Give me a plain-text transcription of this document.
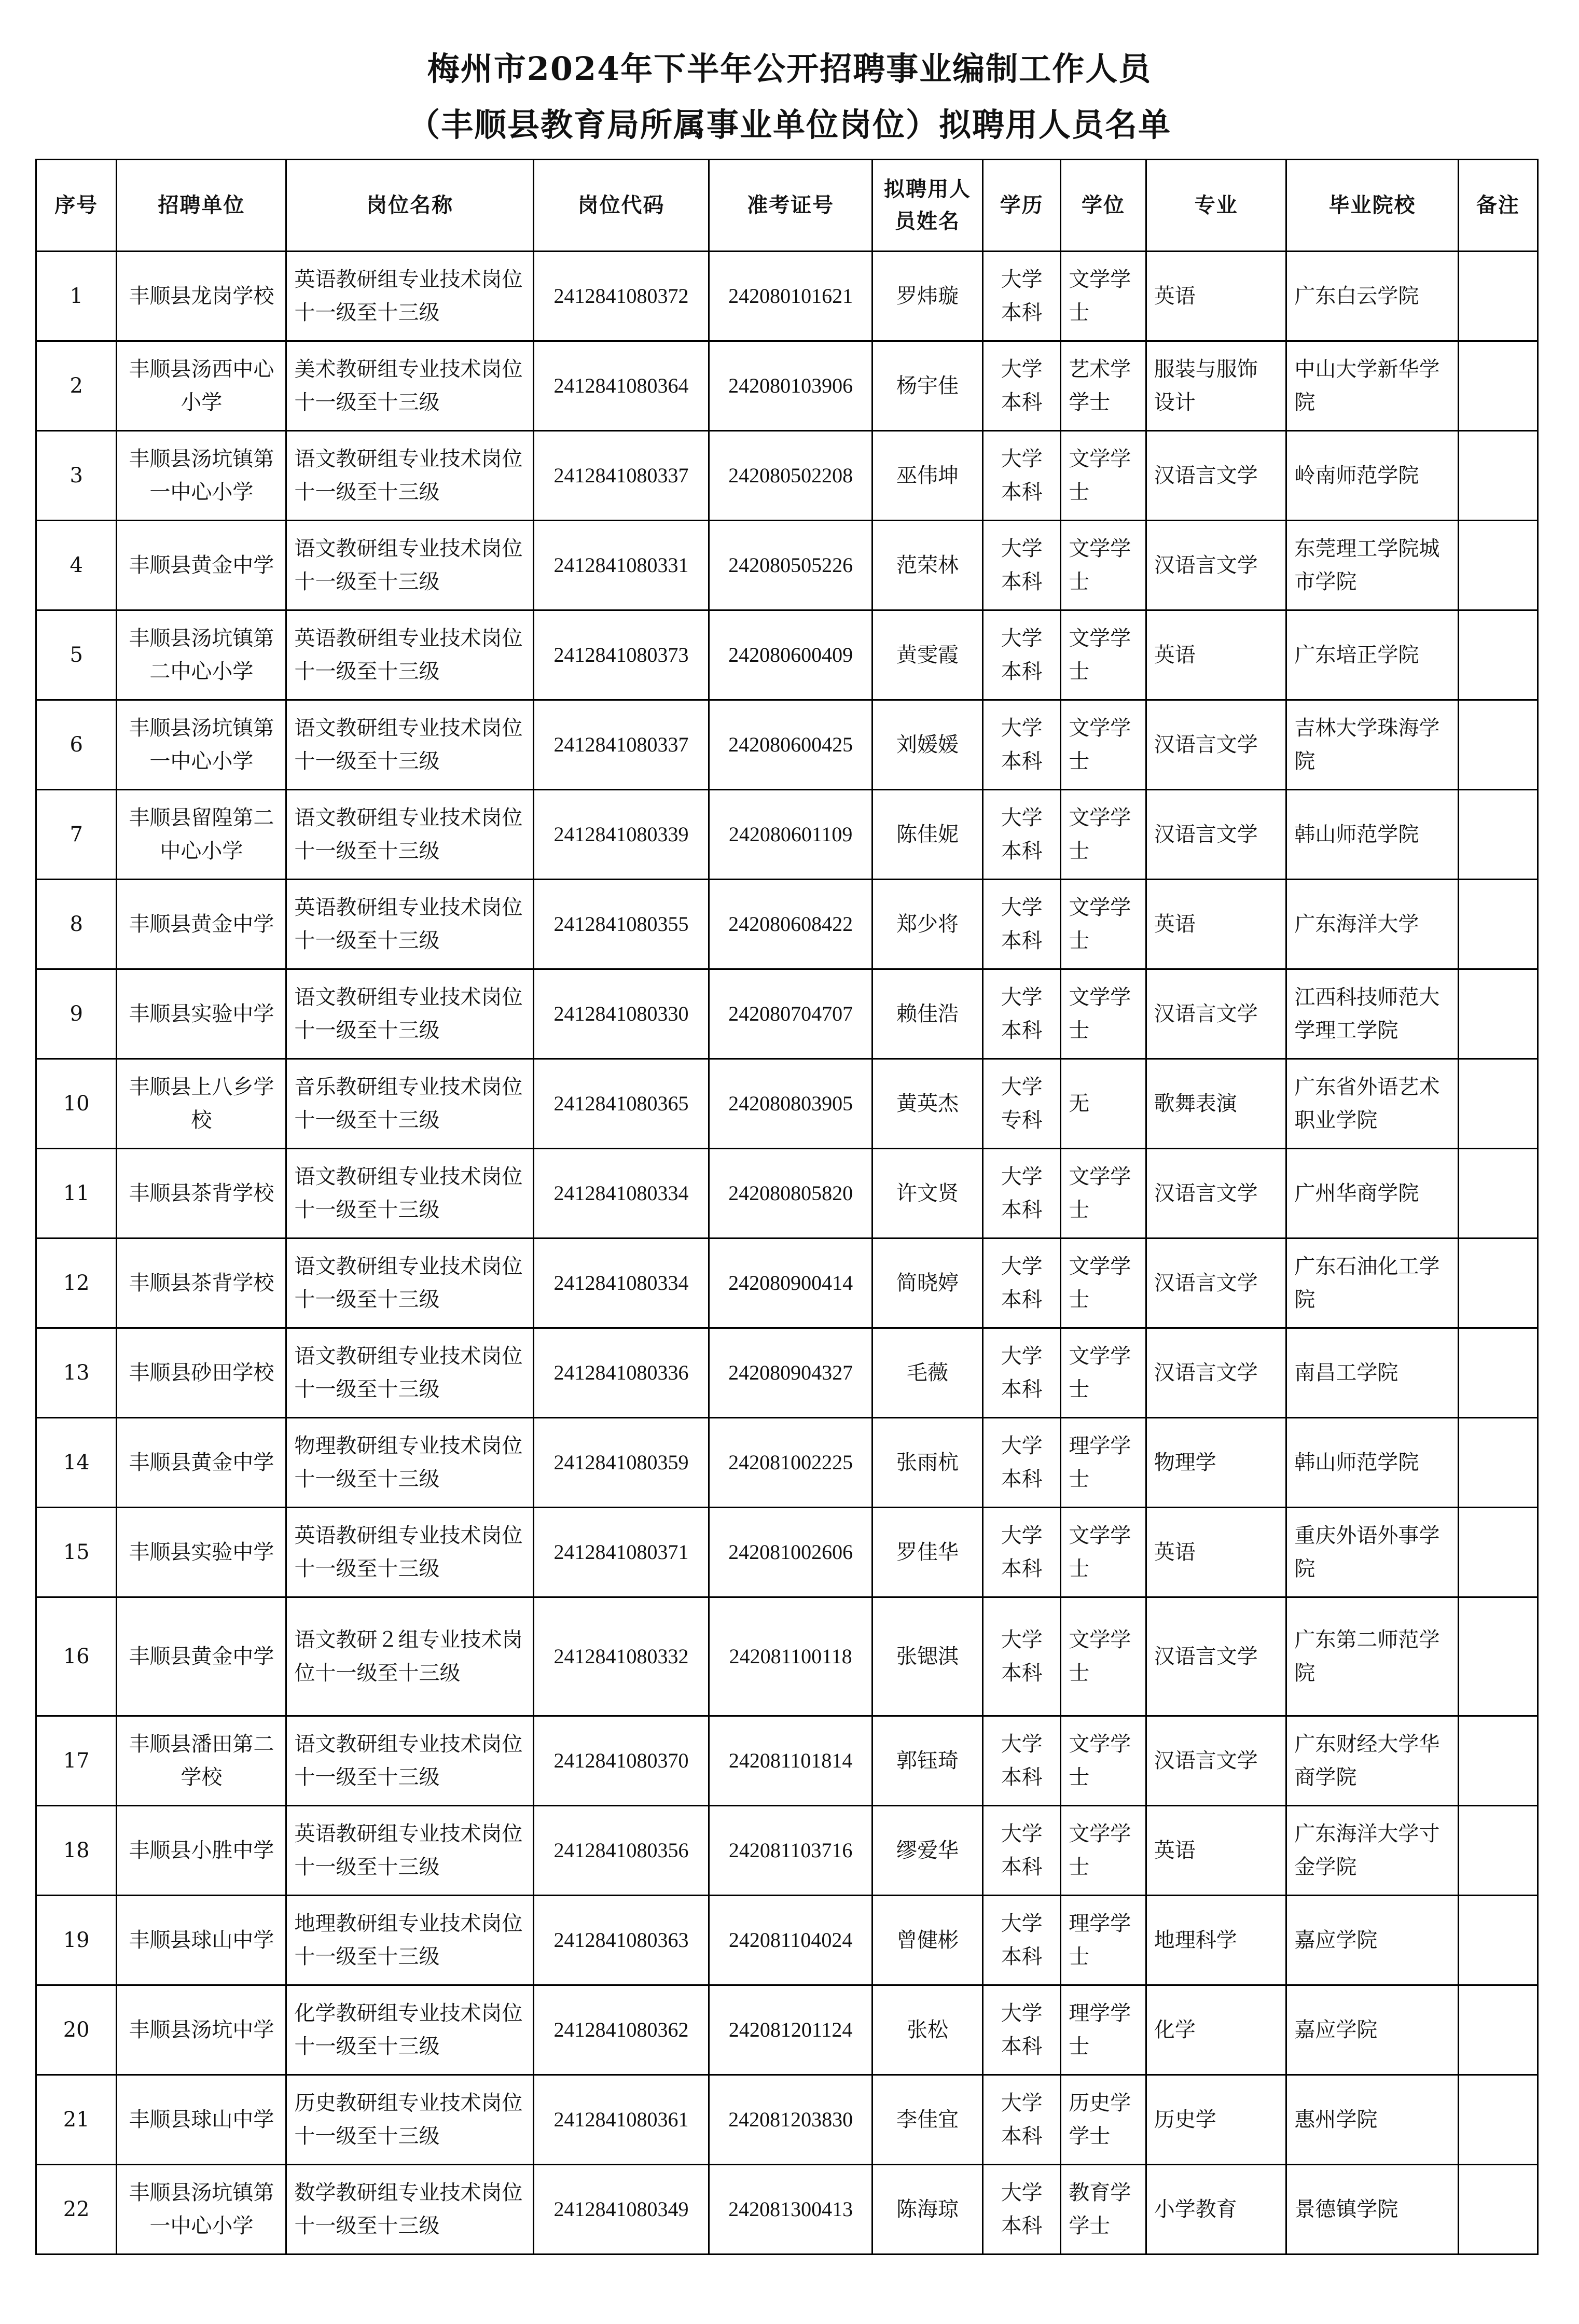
梅州市2024年下半年公开招聘事业编制工作人员
（丰顺县教育局所属事业单位岗位）拟聘用人员名单
序号	招聘单位	岗位名称	岗位代码	准考证号	拟聘用人员姓名	学历	学位	专业	毕业院校	备注
1	丰顺县龙岗学校	英语教研组专业技术岗位十一级至十三级	2412841080372	242080101621	罗炜璇	大学本科	文学学士	英语	广东白云学院	
2	丰顺县汤西中心小学	美术教研组专业技术岗位十一级至十三级	2412841080364	242080103906	杨宇佳	大学本科	艺术学学士	服装与服饰设计	中山大学新华学院	
3	丰顺县汤坑镇第一中心小学	语文教研组专业技术岗位十一级至十三级	2412841080337	242080502208	巫伟坤	大学本科	文学学士	汉语言文学	岭南师范学院	
4	丰顺县黄金中学	语文教研组专业技术岗位十一级至十三级	2412841080331	242080505226	范荣林	大学本科	文学学士	汉语言文学	东莞理工学院城市学院	
5	丰顺县汤坑镇第二中心小学	英语教研组专业技术岗位十一级至十三级	2412841080373	242080600409	黄雯霞	大学本科	文学学士	英语	广东培正学院	
6	丰顺县汤坑镇第一中心小学	语文教研组专业技术岗位十一级至十三级	2412841080337	242080600425	刘媛媛	大学本科	文学学士	汉语言文学	吉林大学珠海学院	
7	丰顺县留隍第二中心小学	语文教研组专业技术岗位十一级至十三级	2412841080339	242080601109	陈佳妮	大学本科	文学学士	汉语言文学	韩山师范学院	
8	丰顺县黄金中学	英语教研组专业技术岗位十一级至十三级	2412841080355	242080608422	郑少将	大学本科	文学学士	英语	广东海洋大学	
9	丰顺县实验中学	语文教研组专业技术岗位十一级至十三级	2412841080330	242080704707	赖佳浩	大学本科	文学学士	汉语言文学	江西科技师范大学理工学院	
10	丰顺县上八乡学校	音乐教研组专业技术岗位十一级至十三级	2412841080365	242080803905	黄英杰	大学专科	无	歌舞表演	广东省外语艺术职业学院	
11	丰顺县茶背学校	语文教研组专业技术岗位十一级至十三级	2412841080334	242080805820	许文贤	大学本科	文学学士	汉语言文学	广州华商学院	
12	丰顺县茶背学校	语文教研组专业技术岗位十一级至十三级	2412841080334	242080900414	简晓婷	大学本科	文学学士	汉语言文学	广东石油化工学院	
13	丰顺县砂田学校	语文教研组专业技术岗位十一级至十三级	2412841080336	242080904327	毛薇	大学本科	文学学士	汉语言文学	南昌工学院	
14	丰顺县黄金中学	物理教研组专业技术岗位十一级至十三级	2412841080359	242081002225	张雨杭	大学本科	理学学士	物理学	韩山师范学院	
15	丰顺县实验中学	英语教研组专业技术岗位十一级至十三级	2412841080371	242081002606	罗佳华	大学本科	文学学士	英语	重庆外语外事学院	
16	丰顺县黄金中学	语文教研２组专业技术岗位十一级至十三级	2412841080332	242081100118	张锶淇	大学本科	文学学士	汉语言文学	广东第二师范学院	
17	丰顺县潘田第二学校	语文教研组专业技术岗位十一级至十三级	2412841080370	242081101814	郭钰琦	大学本科	文学学士	汉语言文学	广东财经大学华商学院	
18	丰顺县小胜中学	英语教研组专业技术岗位十一级至十三级	2412841080356	242081103716	缪爱华	大学本科	文学学士	英语	广东海洋大学寸金学院	
19	丰顺县球山中学	地理教研组专业技术岗位十一级至十三级	2412841080363	242081104024	曾健彬	大学本科	理学学士	地理科学	嘉应学院	
20	丰顺县汤坑中学	化学教研组专业技术岗位十一级至十三级	2412841080362	242081201124	张松	大学本科	理学学士	化学	嘉应学院	
21	丰顺县球山中学	历史教研组专业技术岗位十一级至十三级	2412841080361	242081203830	李佳宜	大学本科	历史学学士	历史学	惠州学院	
22	丰顺县汤坑镇第一中心小学	数学教研组专业技术岗位十一级至十三级	2412841080349	242081300413	陈海琼	大学本科	教育学学士	小学教育	景德镇学院	
